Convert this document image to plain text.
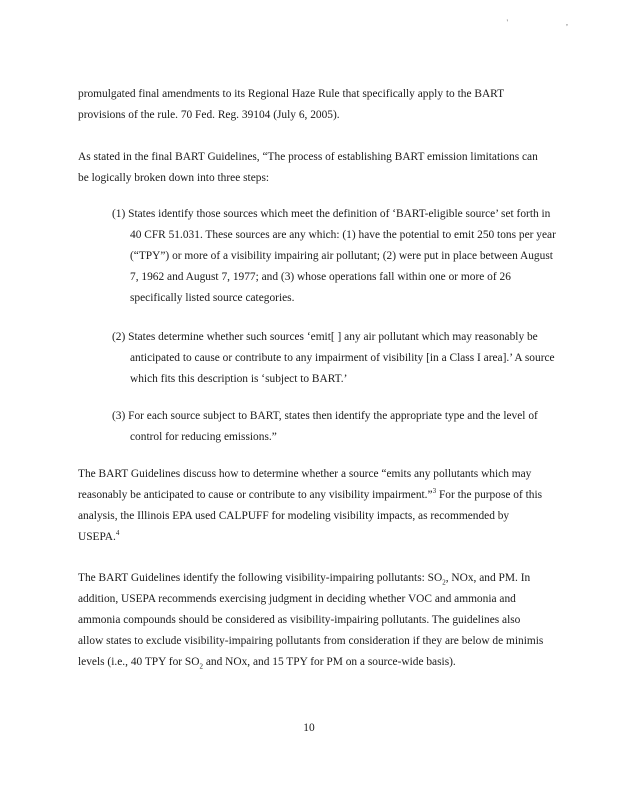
' ,

promulgated final amendments to its Regional Haze Rule that specifically apply to the BART provisions of the rule. 70 Fed. Reg. 39104 (July 6, 2005).

As stated in the final BART Guidelines, “The process of establishing BART emission limitations can be logically broken down into three steps:

(1) States identify those sources which meet the definition of ‘BART-eligible source’ set forth in 40 CFR 51.031. These sources are any which: (1) have the potential to emit 250 tons per year (“TPY”) or more of a visibility impairing air pollutant; (2) were put in place between August 7, 1962 and August 7, 1977; and (3) whose operations fall within one or more of 26 specifically listed source categories.

(2) States determine whether such sources ‘emit[ ] any air pollutant which may reasonably be anticipated to cause or contribute to any impairment of visibility [in a Class I area].’ A source which fits this description is ‘subject to BART.’

(3) For each source subject to BART, states then identify the appropriate type and the level of control for reducing emissions.”

The BART Guidelines discuss how to determine whether a source “emits any pollutants which may reasonably be anticipated to cause or contribute to any visibility impairment.”$^3$ For the purpose of this analysis, the Illinois EPA used CALPUFF for modeling visibility impacts, as recommended by USEPA.$^4$

The BART Guidelines identify the following visibility-impairing pollutants: $SO_2$, NOx, and PM. In addition, USEPA recommends exercising judgment in deciding whether VOC and ammonia and ammonia compounds should be considered as visibility-impairing pollutants. The guidelines also allow states to exclude visibility-impairing pollutants from consideration if they are below de minimis levels (i.e., 40 TPY for $SO_2$ and NOx, and 15 TPY for PM on a source-wide basis).

10
